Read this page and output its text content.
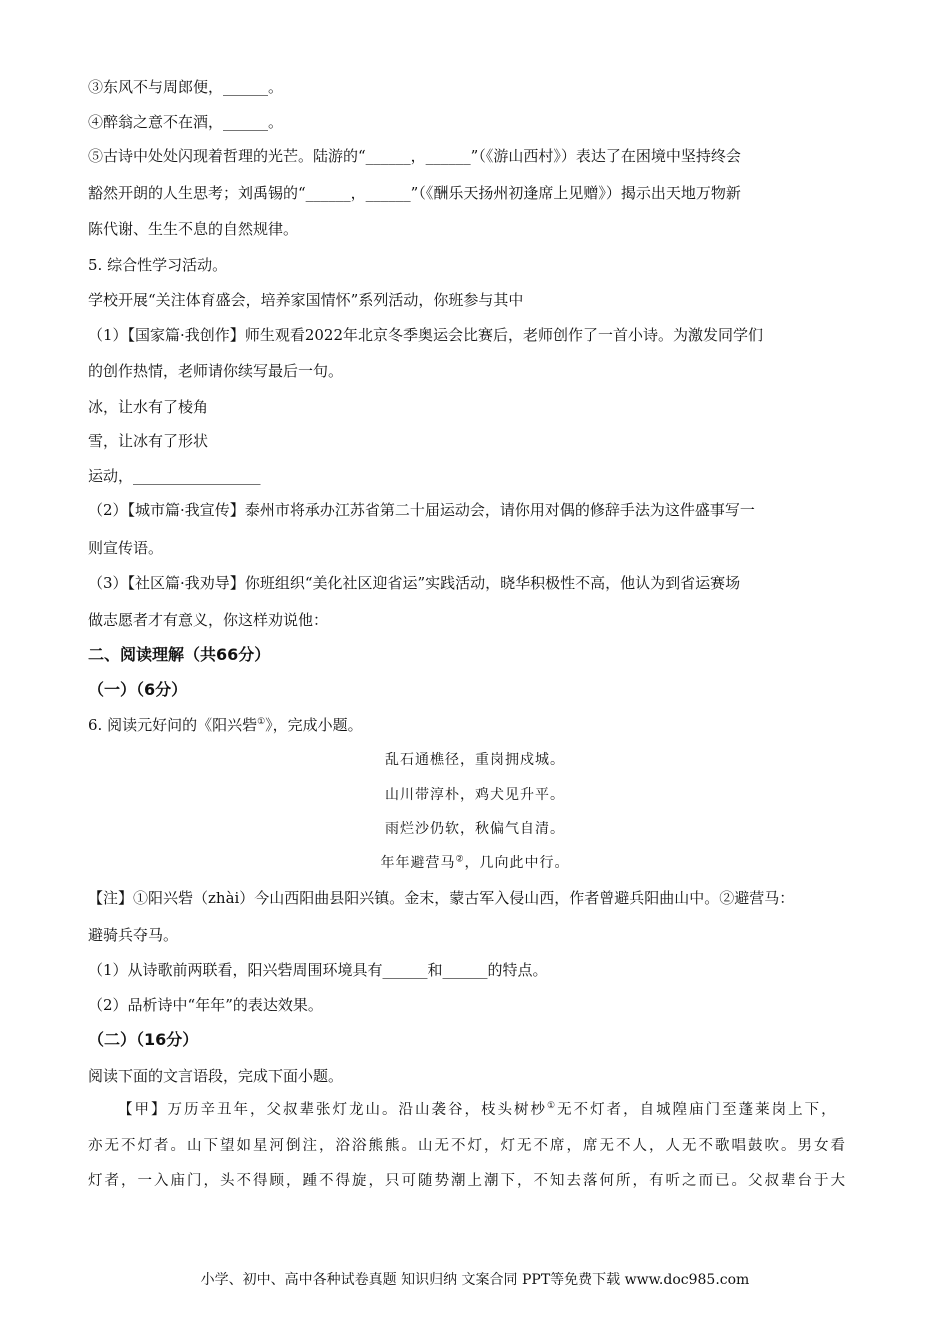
③东风不与周郎便，______。
④醉翁之意不在酒，______。
⑤古诗中处处闪现着哲理的光芒。陆游的“______，______”（《游山西村》）表达了在困境中坚持终会
豁然开朗的人生思考；刘禹锡的“______，______”（《酬乐天扬州初逢席上见赠》）揭示出天地万物新
陈代谢、生生不息的自然规律。
5. 综合性学习活动。
学校开展“关注体育盛会，培养家国情怀”系列活动，你班参与其中
（1）【国家篇·我创作】师生观看2022年北京冬季奥运会比赛后，老师创作了一首小诗。为激发同学们
的创作热情，老师请你续写最后一句。
冰，让水有了棱角
雪，让冰有了形状
运动，_________________
（2）【城市篇·我宣传】泰州市将承办江苏省第二十届运动会，请你用对偶的修辞手法为这件盛事写一
则宣传语。
（3）【社区篇·我劝导】你班组织“美化社区迎省运”实践活动，晓华积极性不高，他认为到省运赛场
做志愿者才有意义，你这样劝说他：
二、阅读理解（共66分）
（一）（6分）
6. 阅读元好问的《阳兴砦①》，完成小题。
乱石通樵径，重岗拥戍城。
山川带淳朴，鸡犬见升平。
雨烂沙仍软，秋偏气自清。
年年避营马②，几向此中行。
【注】①阳兴砦（zhài）今山西阳曲县阳兴镇。金末，蒙古军入侵山西，作者曾避兵阳曲山中。②避营马：
避骑兵夺马。
（1）从诗歌前两联看，阳兴砦周围环境具有______和______的特点。
（2）品析诗中“年年”的表达效果。
（二）（16分）
阅读下面的文言语段，完成下面小题。
【甲】万历辛丑年，父叔辈张灯龙山。沿山袭谷，枝头树杪①无不灯者，自城隍庙门至蓬莱岗上下，
亦无不灯者。山下望如星河倒注，浴浴熊熊。山无不灯，灯无不席，席无不人，人无不歌唱鼓吹。男女看
灯者，一入庙门，头不得顾，踵不得旋，只可随势潮上潮下，不知去落何所，有听之而已。父叔辈台于大
小学、初中、高中各种试卷真题 知识归纳 文案合同 PPT等免费下载 www.doc985.com
